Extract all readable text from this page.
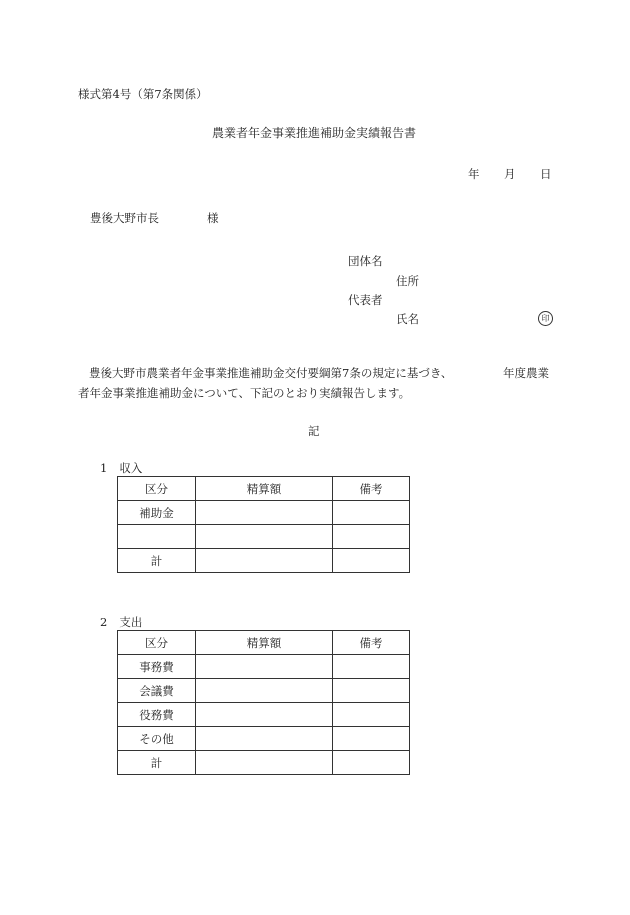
様式第4号（第7条関係）
農業者年金事業推進補助金実績報告書
年 月 日
豊後大野市長	様
団体名
住所
代表者
氏名	印
豊後大野市農業者年金事業推進補助金交付要綱第7条の規定に基づき、	年度農業
者年金事業推進補助金について、下記のとおり実績報告します。
記
1 収入
区分	精算額	備考
補助金		

計		
2 支出
区分	精算額	備考
事務費		
会議費		
役務費		
その他		
計		
